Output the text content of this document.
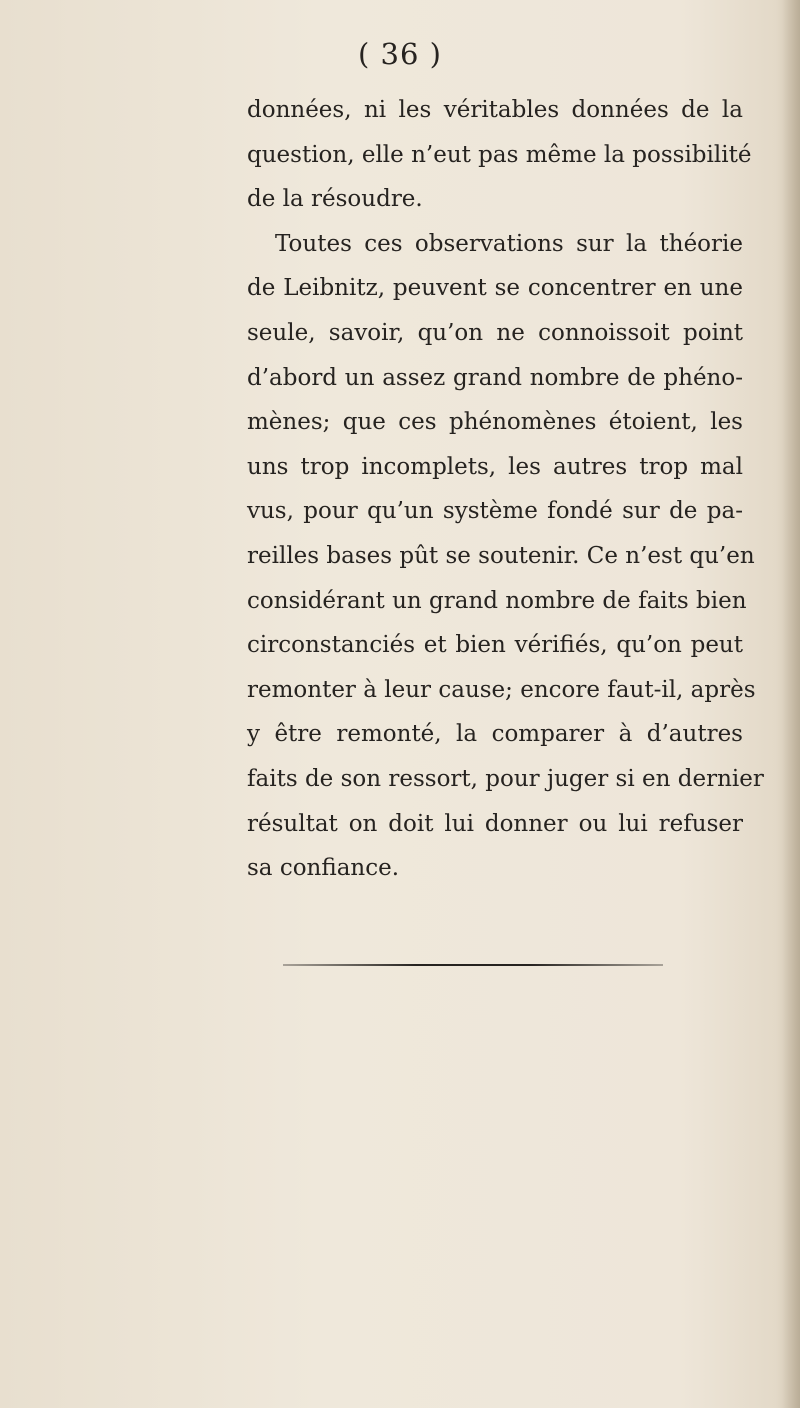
( 36 )
données, ni les véritables données de la
question, elle n’eut pas même la possibilité
de la résoudre.
Toutes ces observations sur la théorie
de Leibnitz, peuvent se concentrer en une
seule, savoir, qu’on ne connoissoit point
d’abord un assez grand nombre de phéno-
mènes; que ces phénomènes étoient, les
uns trop incomplets, les autres trop mal
vus, pour qu’un système fondé sur de pa-
reilles bases pût se soutenir. Ce n’est qu’en
considérant un grand nombre de faits bien
circonstanciés et bien vérifiés, qu’on peut
remonter à leur cause; encore faut-il, après
y être remonté, la comparer à d’autres
faits de son ressort, pour juger si en dernier
résultat on doit lui donner ou lui refuser
sa confiance.
